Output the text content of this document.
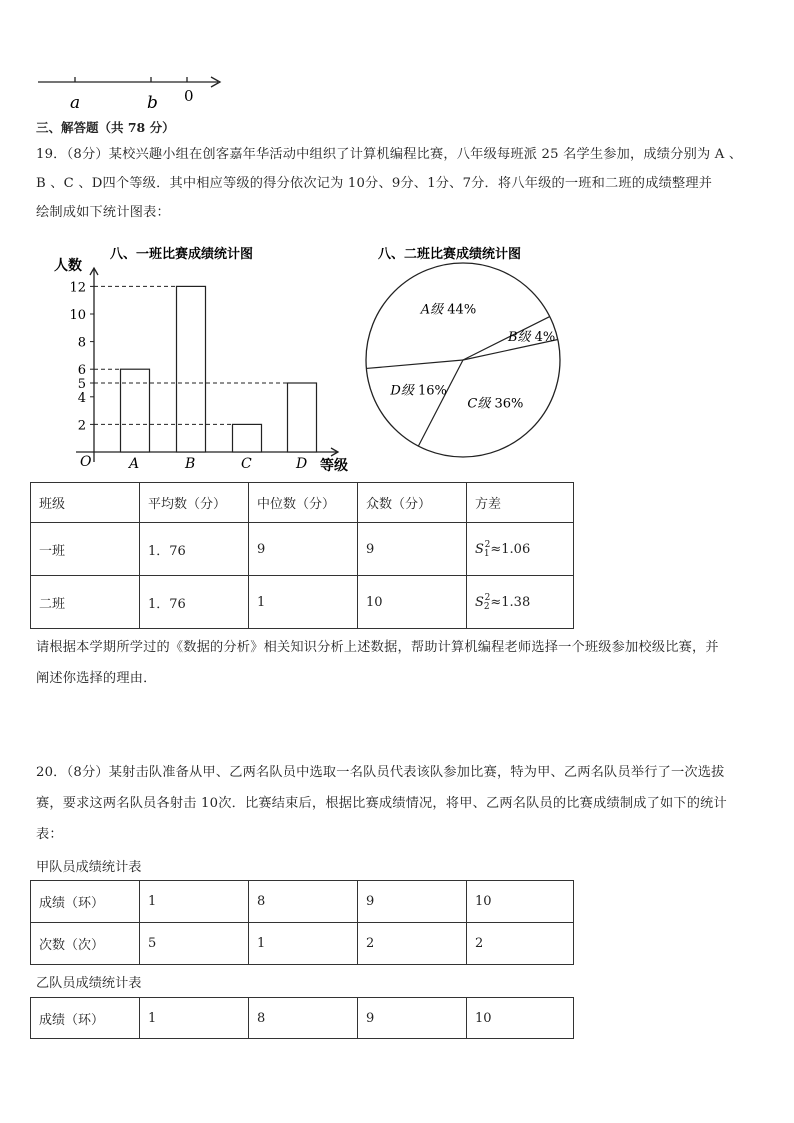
a	b 0
三、解答题（共 78 分）
19．（8分）某校兴趣小组在创客嘉年华活动中组织了计算机编程比赛，八年级每班派 25 名学生参加，成绩分别为 A 、
B 、C 、D四个等级．其中相应等级的得分依次记为 10分、9分、1分、7分．将八年级的一班和二班的成绩整理并
绘制成如下统计图表：
八、一班比赛成绩统计图
人数
等级
O
2
4
5
6
8
10
12
A	B	C	D
八、二班比赛成绩统计图
A级 44%
B级 4%
C级 36%
D级 16%
班级	平均数（分）	中位数（分）	众数（分）	方差
一班	1．76	9	9	$S_1^2\approx 1.06$
二班	1．76	1	10	$S_2^2\approx 1.38$
请根据本学期所学过的《数据的分析》相关知识分析上述数据，帮助计算机编程老师选择一个班级参加校级比赛，并
阐述你选择的理由．
20．（8分）某射击队准备从甲、乙两名队员中选取一名队员代表该队参加比赛，特为甲、乙两名队员举行了一次选拔
赛，要求这两名队员各射击 10次．比赛结束后，根据比赛成绩情况，将甲、乙两名队员的比赛成绩制成了如下的统计
表：
甲队员成绩统计表
成绩（环）	1	8	9	10
次数（次）	5	1	2	2
乙队员成绩统计表
成绩（环）	1	8	9	10
